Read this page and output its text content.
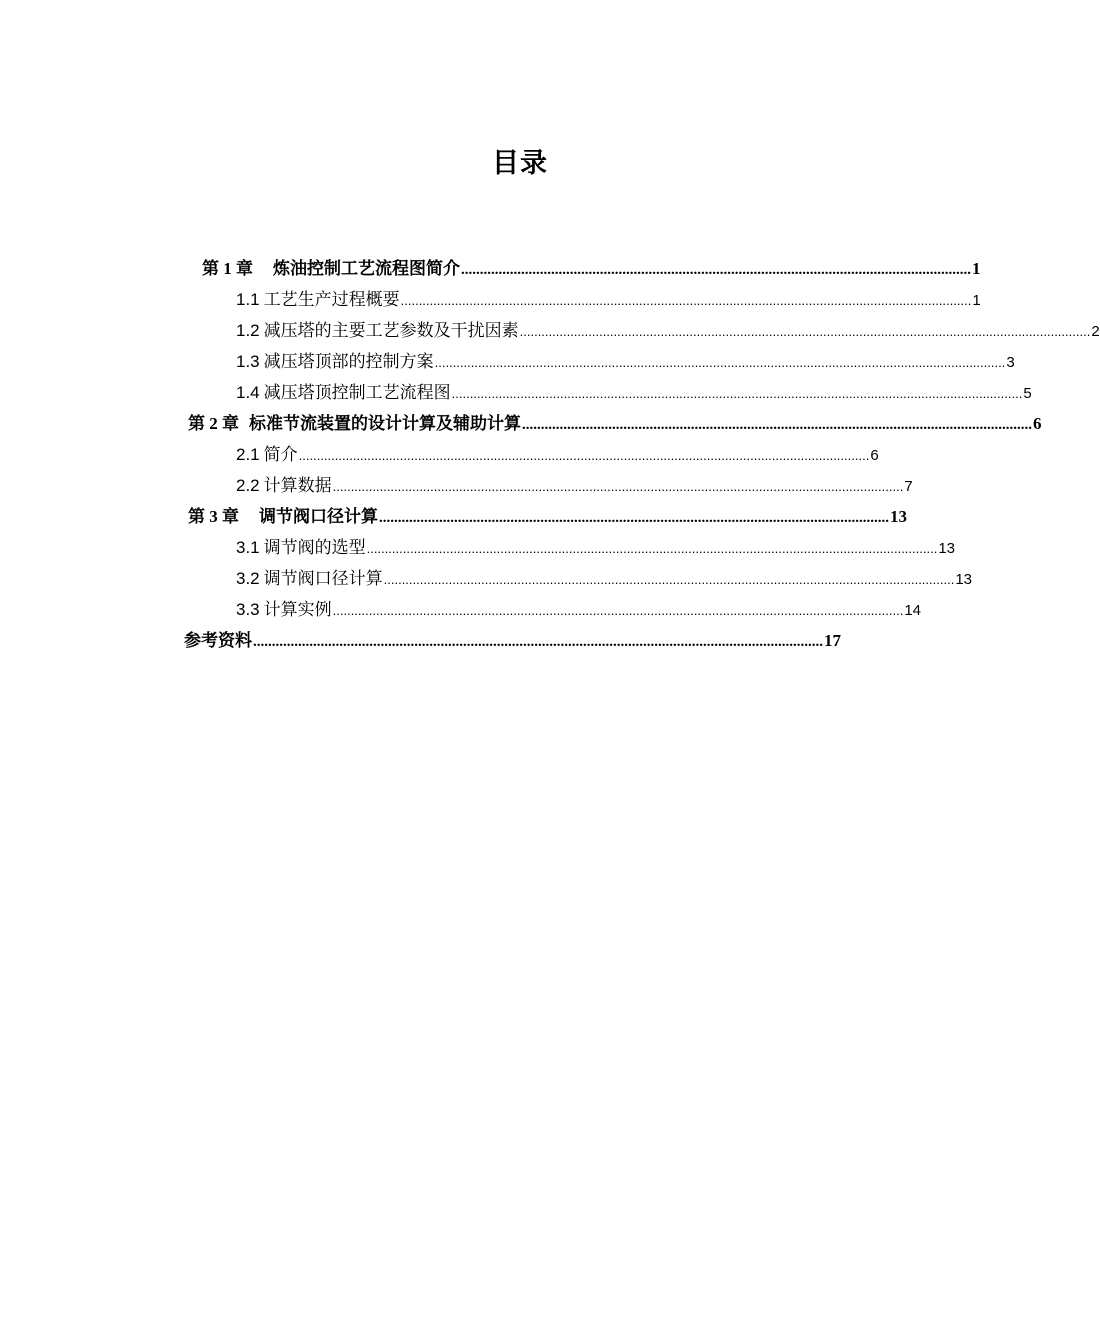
目录
第 1 章 炼油控制工艺流程图简介 ........................................................................................................................................ 1
1.1 工艺生产过程概要 .............................................................................................................................................................. 1
1.2 减压塔的主要工艺参数及干扰因素 .............................................................................................................................................................. 2
1.3 减压塔顶部的控制方案 .............................................................................................................................................................. 3
1.4 减压塔顶控制工艺流程图 .............................................................................................................................................................. 5
第 2 章 标准节流装置的设计计算及辅助计算 ........................................................................................................................................ 6
2.1 简介 .............................................................................................................................................................. 6
2.2 计算数据 .............................................................................................................................................................. 7
第 3 章 调节阀口径计算 ........................................................................................................................................ 13
3.1 调节阀的选型 .............................................................................................................................................................. 13
3.2 调节阀口径计算 .............................................................................................................................................................. 13
3.3 计算实例 .............................................................................................................................................................. 14
参考资料 ........................................................................................................................................................ 17
